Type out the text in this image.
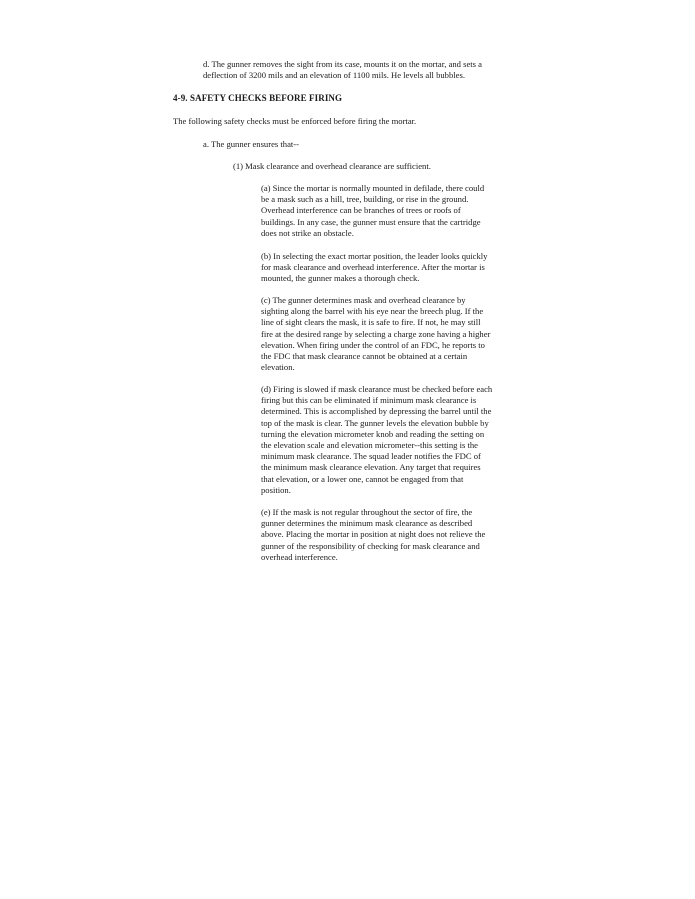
d. The gunner removes the sight from its case, mounts it on the mortar, and sets a
deflection of 3200 mils and an elevation of 1100 mils. He levels all bubbles.

4-9. SAFETY CHECKS BEFORE FIRING
The following safety checks must be enforced before firing the mortar.
a. The gunner ensures that--
(1) Mask clearance and overhead clearance are sufficient.

(a) Since the mortar is normally mounted in defilade, there could
be a mask such as a hill, tree, building, or rise in the ground.
Overhead interference can be branches of trees or roofs of
buildings. In any case, the gunner must ensure that the cartridge
does not strike an obstacle.

(b) In selecting the exact mortar position, the leader looks quickly
for mask clearance and overhead interference. After the mortar is
mounted, the gunner makes a thorough check.

(c) The gunner determines mask and overhead clearance by
sighting along the barrel with his eye near the breech plug. If the
line of sight clears the mask, it is safe to fire. If not, he may still
fire at the desired range by selecting a charge zone having a higher
elevation. When firing under the control of an FDC, he reports to
the FDC that mask clearance cannot be obtained at a certain
elevation.

(d) Firing is slowed if mask clearance must be checked before each
firing but this can be eliminated if minimum mask clearance is
determined. This is accomplished by depressing the barrel until the
top of the mask is clear. The gunner levels the elevation bubble by
turning the elevation micrometer knob and reading the setting on
the elevation scale and elevation micrometer--this setting is the
minimum mask clearance. The squad leader notifies the FDC of
the minimum mask clearance elevation. Any target that requires
that elevation, or a lower one, cannot be engaged from that
position.

(e) If the mask is not regular throughout the sector of fire, the
gunner determines the minimum mask clearance as described
above. Placing the mortar in position at night does not relieve the
gunner of the responsibility of checking for mask clearance and
overhead interference.
